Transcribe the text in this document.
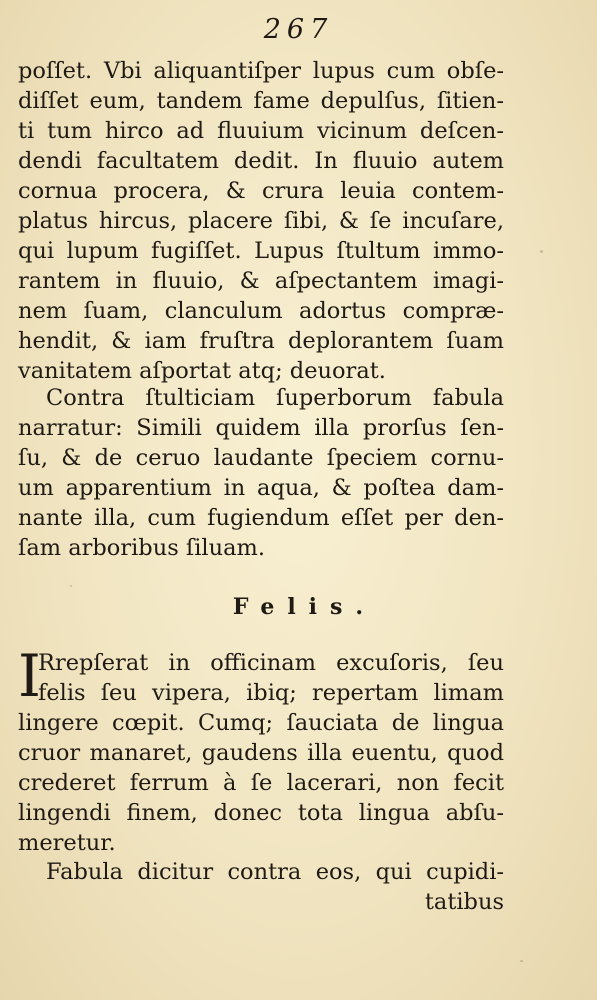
267
poſſet. Vbi aliquantiſper lupus cum obſe-
diſſet eum, tandem fame depulſus, ſitien-
ti tum hirco ad fluuium vicinum deſcen-
dendi facultatem dedit. In fluuio autem
cornua procera, & crura leuia contem-
platus hircus, placere ſibi, & ſe incuſare,
qui lupum fugiſſet. Lupus ſtultum immo-
rantem in fluuio, & aſpectantem imagi-
nem ſuam, clanculum adortus compræ-
hendit, & iam fruſtra deplorantem ſuam
vanitatem aſportat atq; deuorat.
Contra ſtulticiam ſuperborum fabula
narratur: Simili quidem illa prorſus ſen-
ſu, & de ceruo laudante ſpeciem cornu-
um apparentium in aqua, & poſtea dam-
nante illa, cum fugiendum eſſet per den-
ſam arboribus ſiluam.
Felis.
I
Rrepſerat in officinam excuſoris, ſeu
felis ſeu vipera, ibiq; repertam limam
lingere cœpit. Cumq; ſauciata de lingua
cruor manaret, gaudens illa euentu, quod
crederet ferrum à ſe lacerari, non fecit
lingendi finem, donec tota lingua abſu-
meretur.
Fabula dicitur contra eos, qui cupidi-
tatibus
